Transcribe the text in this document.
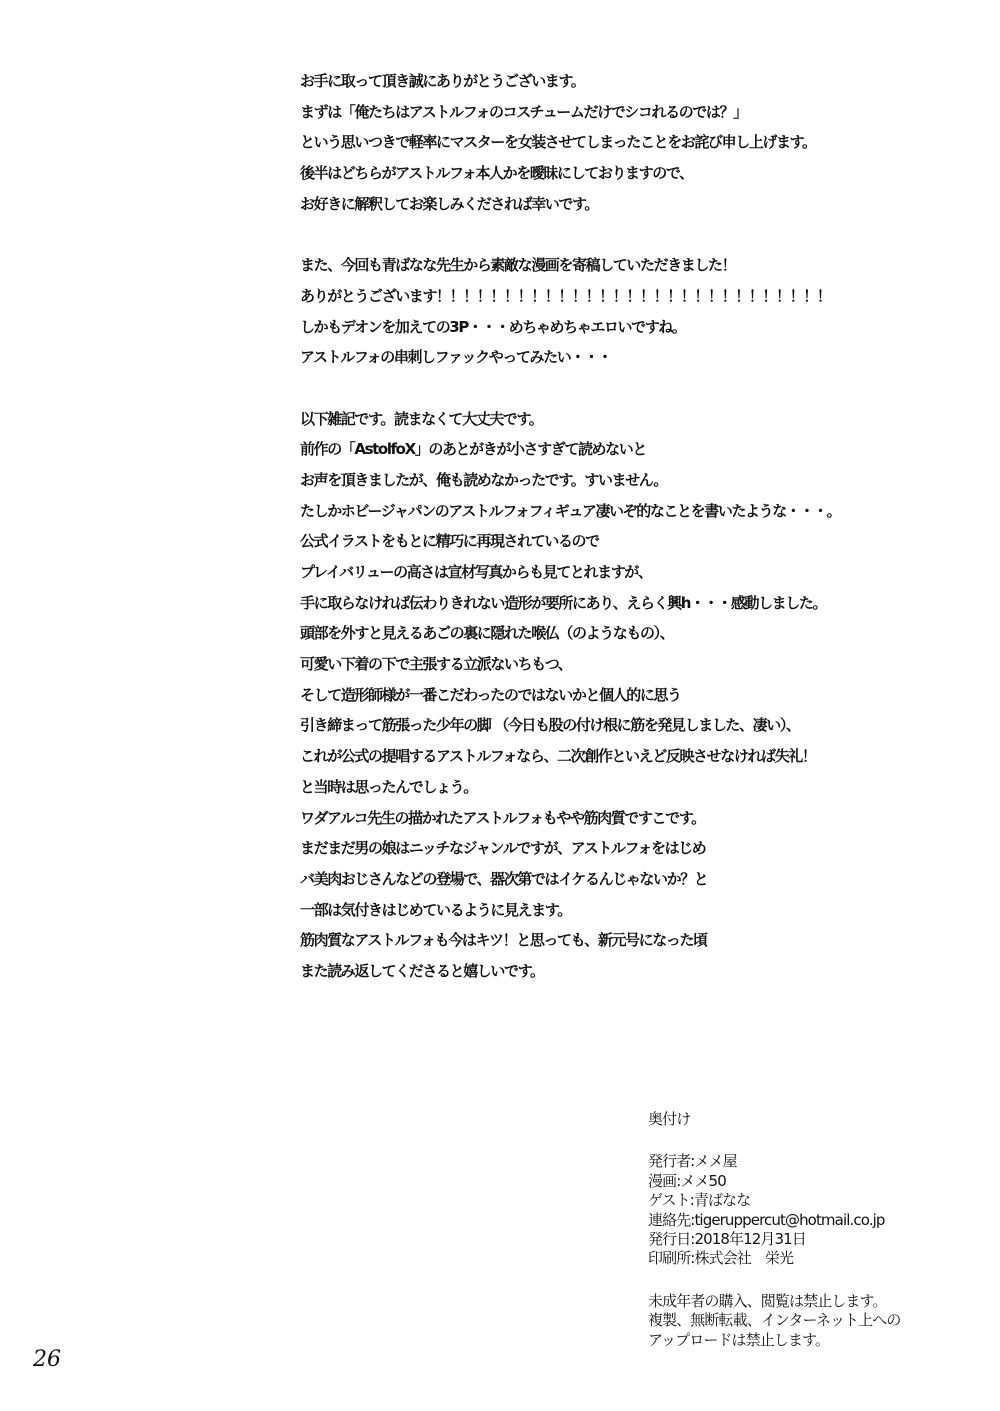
お手に取って頂き誠にありがとうございます。
まずは「俺たちはアストルフォのコスチュームだけでシコれるのでは？」
という思いつきで軽率にマスターを女装させてしまったことをお詫び申し上げます。
後半はどちらがアストルフォ本人かを曖昧にしておりますので、
お好きに解釈してお楽しみくだされば幸いです。
また、今回も青ばなな先生から素敵な漫画を寄稿していただきました！
ありがとうございます！！！！！！！！！！！！！！！！！！！！！！！！！！！！！
しかもデオンを加えての3P・・・めちゃめちゃエロいですね。
アストルフォの串刺しファックやってみたい・・・
以下雑記です。読まなくて大丈夫です。
前作の「AstolfoX」のあとがきが小さすぎて読めないと
お声を頂きましたが、俺も読めなかったです。すいません。
たしかホビージャパンのアストルフォフィギュア凄いぞ的なことを書いたような・・・。
公式イラストをもとに精巧に再現されているので
プレイバリューの高さは宣材写真からも見てとれますが、
手に取らなければ伝わりきれない造形が要所にあり、えらく興h・・・感動しました。
頭部を外すと見えるあごの裏に隠れた喉仏（のようなもの）、
可愛い下着の下で主張する立派ないちもつ、
そして造形師様が一番こだわったのではないかと個人的に思う
引き締まって筋張った少年の脚 （今日も股の付け根に筋を発見しました、凄い）、
これが公式の提唱するアストルフォなら、二次創作といえど反映させなければ失礼！
と当時は思ったんでしょう。
ワダアルコ先生の描かれたアストルフォもやや筋肉質ですこです。
まだまだ男の娘はニッチなジャンルですが、アストルフォをはじめ
バ美肉おじさんなどの登場で、器次第ではイケるんじゃないか？と
一部は気付きはじめているように見えます。
筋肉質なアストルフォも今はキツ！と思っても、新元号になった頃
また読み返してくださると嬉しいです。
奥付け
発行者:メメ屋
漫画:メメ50
ゲスト:青ばなな
連絡先:tigeruppercut@hotmail.co.jp
発行日:2018年12月31日
印刷所:株式会社　栄光
未成年者の購入、閲覧は禁止します。
複製、無断転載、インターネット上への
アップロードは禁止します。
26
